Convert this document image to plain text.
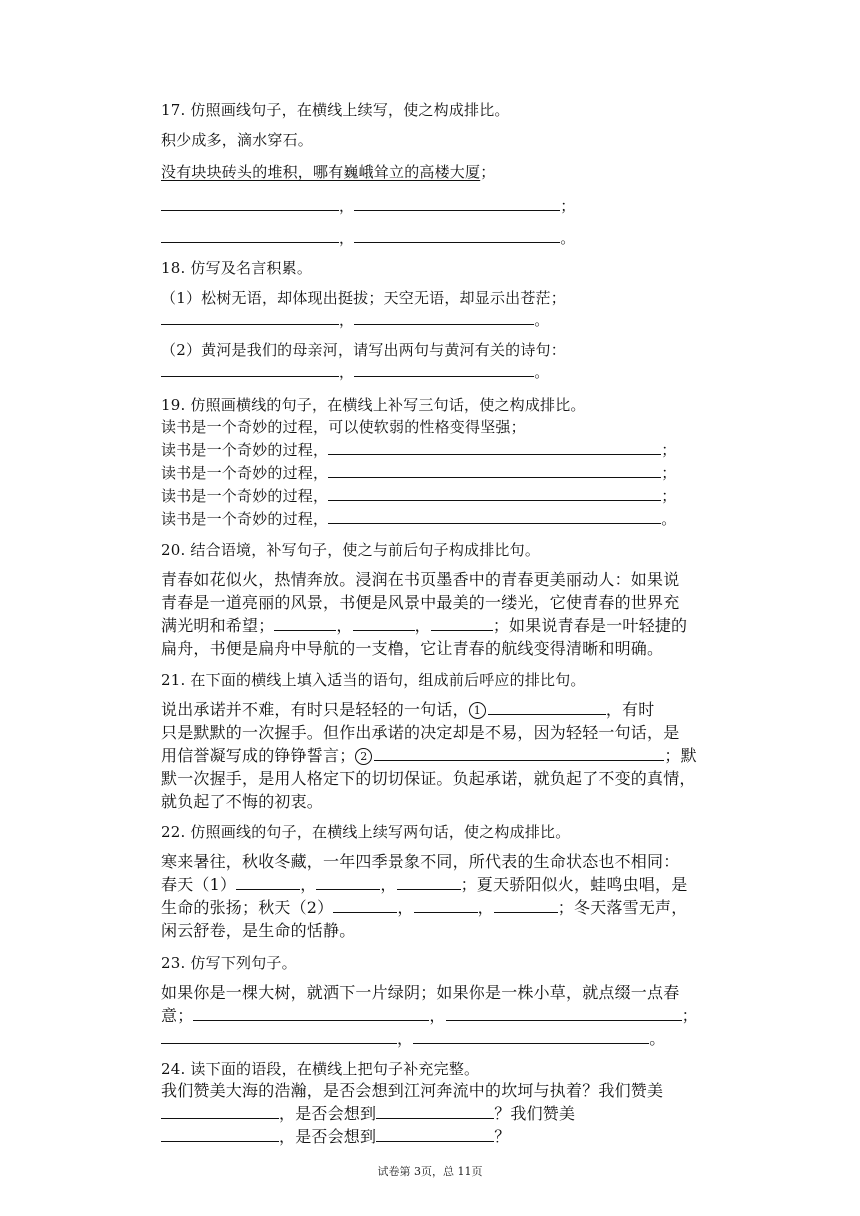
17. 仿照画线句子，在横线上续写，使之构成排比。
积少成多，滴水穿石。
没有块块砖头的堆积，哪有巍峨耸立的高楼大厦；
，	；
，	。
18. 仿写及名言积累。
（1）松树无语，却体现出挺拔；天空无语，却显示出苍茫；
，	。
（2）黄河是我们的母亲河，请写出两句与黄河有关的诗句：
，	。
19. 仿照画横线的句子，在横线上补写三句话，使之构成排比。
读书是一个奇妙的过程，可以使软弱的性格变得坚强；
读书是一个奇妙的过程，	；
读书是一个奇妙的过程，	；
读书是一个奇妙的过程，	；
读书是一个奇妙的过程，	。
20. 结合语境，补写句子，使之与前后句子构成排比句。
青春如花似火，热情奔放。浸润在书页墨香中的青春更美丽动人：如果说
青春是一道亮丽的风景，书便是风景中最美的一缕光，它使青春的世界充
满光明和希望；	，	，	；如果说青春是一叶轻捷的
扁舟，书便是扁舟中导航的一支橹，它让青春的航线变得清晰和明确。
21. 在下面的横线上填入适当的语句，组成前后呼应的排比句。
说出承诺并不难，有时只是轻轻的一句话， 1	，有时
只是默默的一次握手。但作出承诺的决定却是不易，因为轻轻一句话，是
用信誉凝写成的铮铮誓言； 2	；默
默一次握手，是用人格定下的切切保证。负起承诺，就负起了不变的真情，
就负起了不悔的初衷。
22. 仿照画线的句子，在横线上续写两句话，使之构成排比。
寒来暑往，秋收冬藏，一年四季景象不同，所代表的生命状态也不相同：
春天（1）	，	，	；夏天骄阳似火，蛙鸣虫唱，是
生命的张扬；秋天（2）	，	，	；冬天落雪无声，
闲云舒卷，是生命的恬静。
23. 仿写下列句子。
如果你是一棵大树，就洒下一片绿阴；如果你是一株小草，就点缀一点春
意；	，	；
，	。
24. 读下面的语段，在横线上把句子补充完整。
我们赞美大海的浩瀚，是否会想到江河奔流中的坎坷与执着？我们赞美
，是否会想到	？我们赞美
，是否会想到	？
试卷第 3页，总 11页
